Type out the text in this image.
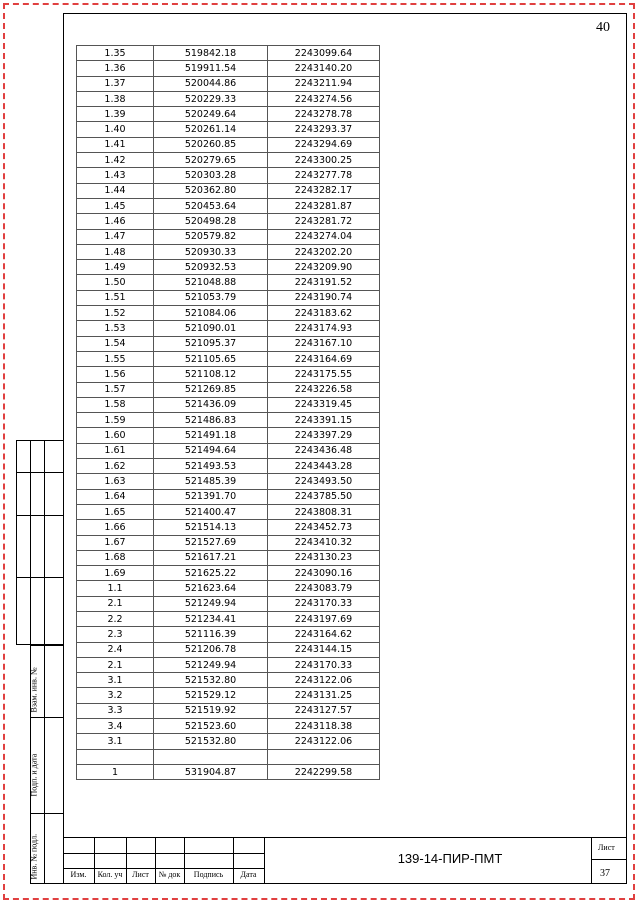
40
1.35	519842.18	2243099.64
1.36	519911.54	2243140.20
1.37	520044.86	2243211.94
1.38	520229.33	2243274.56
1.39	520249.64	2243278.78
1.40	520261.14	2243293.37
1.41	520260.85	2243294.69
1.42	520279.65	2243300.25
1.43	520303.28	2243277.78
1.44	520362.80	2243282.17
1.45	520453.64	2243281.87
1.46	520498.28	2243281.72
1.47	520579.82	2243274.04
1.48	520930.33	2243202.20
1.49	520932.53	2243209.90
1.50	521048.88	2243191.52
1.51	521053.79	2243190.74
1.52	521084.06	2243183.62
1.53	521090.01	2243174.93
1.54	521095.37	2243167.10
1.55	521105.65	2243164.69
1.56	521108.12	2243175.55
1.57	521269.85	2243226.58
1.58	521436.09	2243319.45
1.59	521486.83	2243391.15
1.60	521491.18	2243397.29
1.61	521494.64	2243436.48
1.62	521493.53	2243443.28
1.63	521485.39	2243493.50
1.64	521391.70	2243785.50
1.65	521400.47	2243808.31
1.66	521514.13	2243452.73
1.67	521527.69	2243410.32
1.68	521617.21	2243130.23
1.69	521625.22	2243090.16
1.1	521623.64	2243083.79
2.1	521249.94	2243170.33
2.2	521234.41	2243197.69
2.3	521116.39	2243164.62
2.4	521206.78	2243144.15
2.1	521249.94	2243170.33
3.1	521532.80	2243122.06
3.2	521529.12	2243131.25
3.3	521519.92	2243127.57
3.4	521523.60	2243118.38
3.1	521532.80	2243122.06

1	531904.87	2242299.58
Взам. инв. №
Подп. и дата
Инв. № подл.	Изм.	Кол. уч	Лист	№ док	Подпись	Дата
139-14-ПИР-ПМТ
Лист
37
